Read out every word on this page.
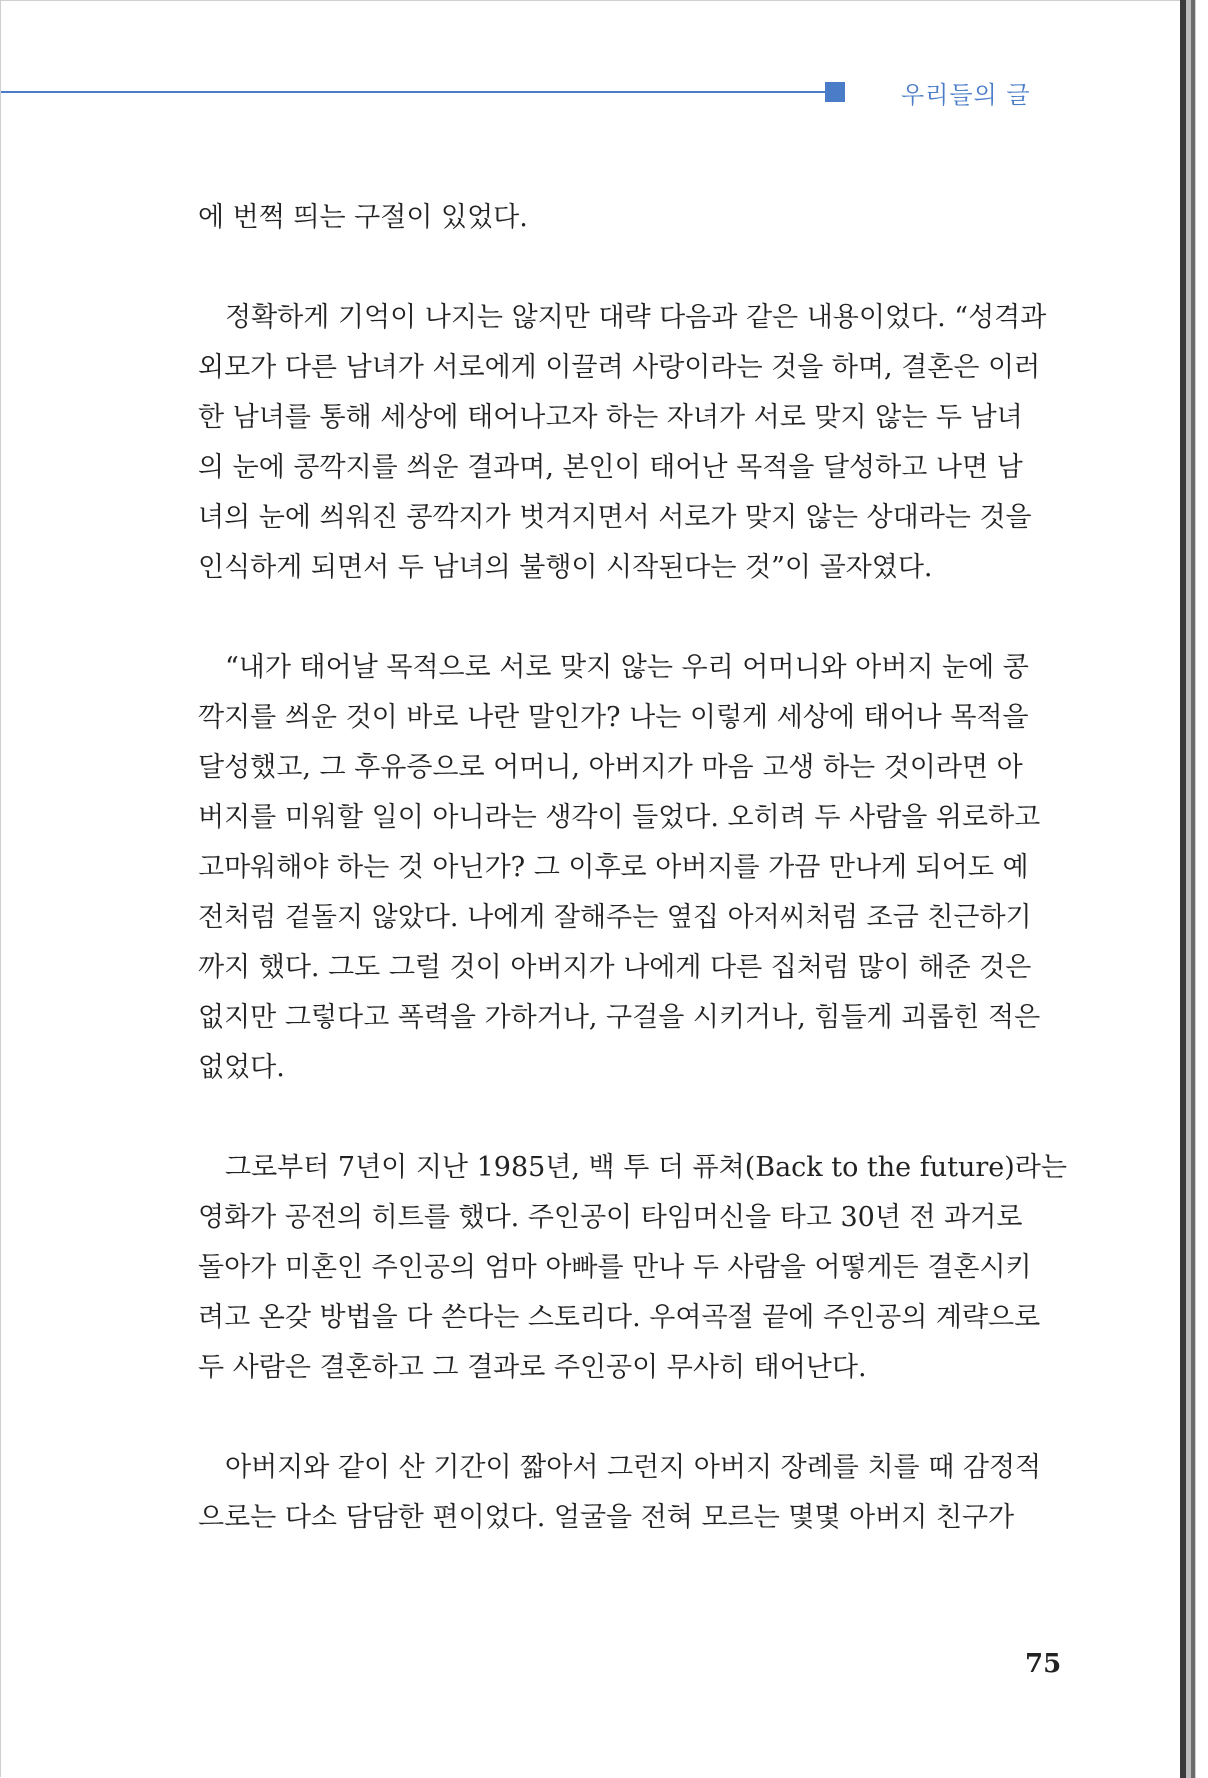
우리들의 글
에 번쩍 띄는 구절이 있었다.
정확하게 기억이 나지는 않지만 대략 다음과 같은 내용이었다. “성격과
외모가 다른 남녀가 서로에게 이끌려 사랑이라는 것을 하며, 결혼은 이러
한 남녀를 통해 세상에 태어나고자 하는 자녀가 서로 맞지 않는 두 남녀
의 눈에 콩깍지를 씌운 결과며, 본인이 태어난 목적을 달성하고 나면 남
녀의 눈에 씌워진 콩깍지가 벗겨지면서 서로가 맞지 않는 상대라는 것을
인식하게 되면서 두 남녀의 불행이 시작된다는 것”이 골자였다.
“내가 태어날 목적으로 서로 맞지 않는 우리 어머니와 아버지 눈에 콩
깍지를 씌운 것이 바로 나란 말인가? 나는 이렇게 세상에 태어나 목적을
달성했고, 그 후유증으로 어머니, 아버지가 마음 고생 하는 것이라면 아
버지를 미워할 일이 아니라는 생각이 들었다. 오히려 두 사람을 위로하고
고마워해야 하는 것 아닌가? 그 이후로 아버지를 가끔 만나게 되어도 예
전처럼 겉돌지 않았다. 나에게 잘해주는 옆집 아저씨처럼 조금 친근하기
까지 했다. 그도 그럴 것이 아버지가 나에게 다른 집처럼 많이 해준 것은
없지만 그렇다고 폭력을 가하거나, 구걸을 시키거나, 힘들게 괴롭힌 적은
없었다.
그로부터 7년이 지난 1985년, 백 투 더 퓨쳐(Back to the future)라는
영화가 공전의 히트를 했다. 주인공이 타임머신을 타고 30년 전 과거로
돌아가 미혼인 주인공의 엄마 아빠를 만나 두 사람을 어떻게든 결혼시키
려고 온갖 방법을 다 쓴다는 스토리다. 우여곡절 끝에 주인공의 계략으로
두 사람은 결혼하고 그 결과로 주인공이 무사히 태어난다.
아버지와 같이 산 기간이 짧아서 그런지 아버지 장례를 치를 때 감정적
으로는 다소 담담한 편이었다. 얼굴을 전혀 모르는 몇몇 아버지 친구가
75
